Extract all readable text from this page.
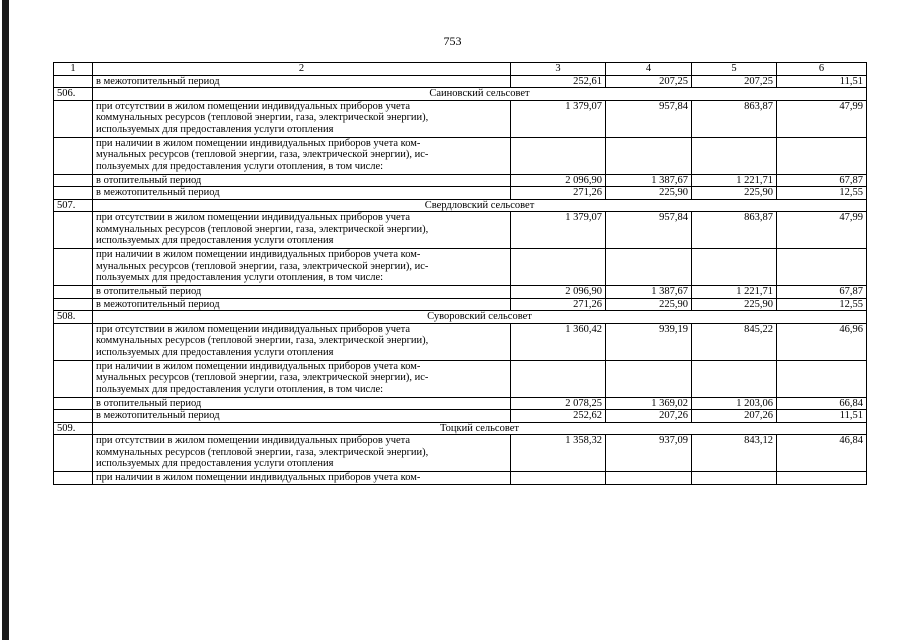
753
1	2	3	4	5	6

	в межотопительный период	252,61	207,25	207,25	11,51
506.	Саиновский сельсовет				

	при отсутствии в жилом помещении индивидуальных приборов учета
коммунальных ресурсов (тепловой энергии, газа, электрической энергии),
используемых для предоставления услуги отопления	1 379,07	957,84	863,87	47,99

	при наличии в жилом помещении индивидуальных приборов учета ком-
мунальных ресурсов (тепловой энергии, газа, электрической энергии), ис-
пользуемых для предоставления услуги отопления, в том числе:				

	в отопительный период	2 096,90	1 387,67	1 221,71	67,87

	в межотопительный период	271,26	225,90	225,90	12,55
507.	Свердловский сельсовет				

	при отсутствии в жилом помещении индивидуальных приборов учета
коммунальных ресурсов (тепловой энергии, газа, электрической энергии),
используемых для предоставления услуги отопления	1 379,07	957,84	863,87	47,99

	при наличии в жилом помещении индивидуальных приборов учета ком-
мунальных ресурсов (тепловой энергии, газа, электрической энергии), ис-
пользуемых для предоставления услуги отопления, в том числе:				

	в отопительный период	2 096,90	1 387,67	1 221,71	67,87

	в межотопительный период	271,26	225,90	225,90	12,55
508.	Суворовский сельсовет				

	при отсутствии в жилом помещении индивидуальных приборов учета
коммунальных ресурсов (тепловой энергии, газа, электрической энергии),
используемых для предоставления услуги отопления	1 360,42	939,19	845,22	46,96

	при наличии в жилом помещении индивидуальных приборов учета ком-
мунальных ресурсов (тепловой энергии, газа, электрической энергии), ис-
пользуемых для предоставления услуги отопления, в том числе:				

	в отопительный период	2 078,25	1 369,02	1 203,06	66,84

	в межотопительный период	252,62	207,26	207,26	11,51
509.	Тоцкий сельсовет				

	при отсутствии в жилом помещении индивидуальных приборов учета
коммунальных ресурсов (тепловой энергии, газа, электрической энергии),
используемых для предоставления услуги отопления	1 358,32	937,09	843,12	46,84

	при наличии в жилом помещении индивидуальных приборов учета ком-				
